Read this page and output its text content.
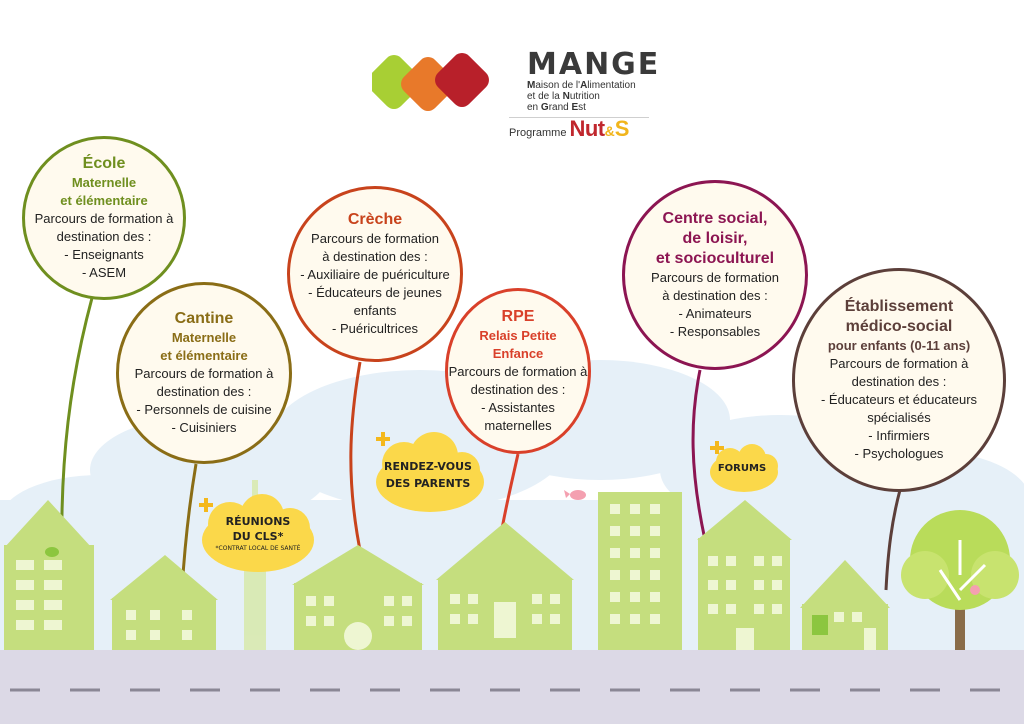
MANGE
Maison de l'Alimentation
et de la Nutrition
en Grand Est
Programme Nut & S
École
Maternelle
et élémentaire
Parcours de formation à
destination des :
- Enseignants
- ASEM
Cantine
Maternelle
et élémentaire
Parcours de formation à
destination des :
- Personnels de cuisine
- Cuisiniers
Crèche
Parcours de formation
à destination des :
- Auxiliaire de puériculture
- Éducateurs de jeunes
enfants
- Puéricultrices
RPE
Relais Petite
Enfance
Parcours de formation à
destination des :
- Assistantes
maternelles
Centre social,
de loisir,
et socioculturel
Parcours de formation
à destination des :
- Animateurs
- Responsables
Établissement
médico-social
pour enfants (0-11 ans)
Parcours de formation à
destination des :
- Éducateurs et éducateurs
spécialisés
- Infirmiers
- Psychologues
RÉUNIONS
DU CLS*
*CONTRAT LOCAL DE SANTÉ
RENDEZ-VOUS
DES PARENTS
FORUMS
